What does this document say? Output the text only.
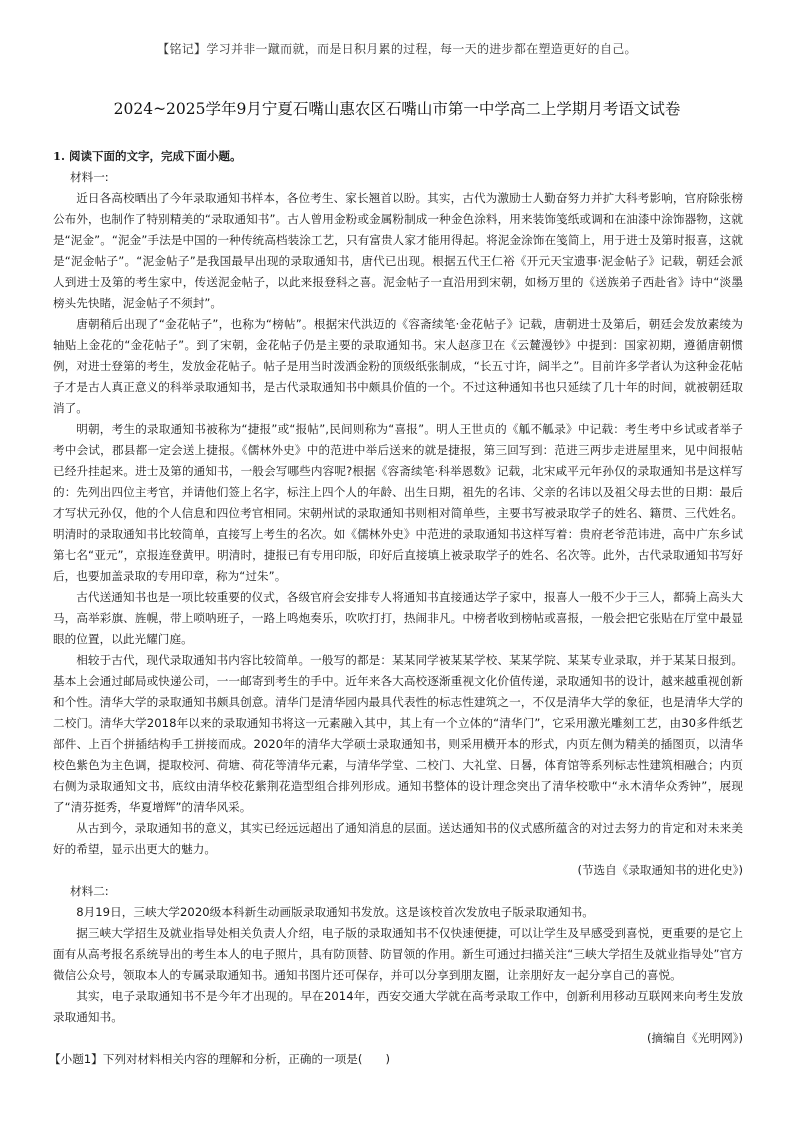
【铭记】学习并非一蹴而就，而是日积月累的过程，每一天的进步都在塑造更好的自己。
2024~2025学年9月宁夏石嘴山惠农区石嘴山市第一中学高二上学期月考语文试卷

1. 阅读下面的文字，完成下面小题。

材料一:

近日各高校晒出了今年录取通知书样本，各位考生、家长翘首以盼。其实，古代为激励士人勤奋努力并扩大科考影响，官府除张榜公布外，也制作了特别精美的“录取通知书”。古人曾用金粉或金属粉制成一种金色涂料，用来装饰笺纸或调和在油漆中涂饰器物，这就是“泥金”。“泥金”手法是中国的一种传统高档装涂工艺，只有富贵人家才能用得起。将泥金涂饰在笺简上，用于进士及第时报喜，这就是“泥金帖子”。“泥金帖子”是我国最早出现的录取通知书，唐代已出现。根据五代王仁裕《开元天宝遗事·泥金帖子》记载，朝廷会派人到进士及第的考生家中，传送泥金帖子，以此来报登科之喜。泥金帖子一直沿用到宋朝，如杨万里的《送族弟子西赴省》诗中“淡墨榜头先快睹，泥金帖子不须封”。

唐朝稍后出现了“金花帖子”，也称为“榜帖”。根据宋代洪迈的《容斋续笔·金花帖子》记载，唐朝进士及第后，朝廷会发放素绫为轴贴上金花的“金花帖子”。到了宋朝，金花帖子仍是主要的录取通知书。宋人赵彦卫在《云麓漫钞》中提到：国家初期，遵循唐朝惯例，对进士登第的考生，发放金花帖子。帖子是用当时泼洒金粉的顶级纸张制成，“长五寸许，阔半之”。目前许多学者认为这种金花帖子才是古人真正意义的科举录取通知书，是古代录取通知书中颇具价值的一个。不过这种通知书也只延续了几十年的时间，就被朝廷取消了。

明朝，考生的录取通知书被称为“捷报”或“报帖”,民间则称为“喜报”。明人王世贞的《觚不觚录》中记载：考生考中乡试或者举子考中会试，郡县都一定会送上捷报。《儒林外史》中的范进中举后送来的就是捷报，第三回写到：范进三两步走进屋里来，见中间报帖已经升挂起来。进士及第的通知书，一般会写哪些内容呢?根据《容斋续笔·科举恩数》记载，北宋咸平元年孙仅的录取通知书是这样写的：先列出四位主考官，并请他们签上名字，标注上四个人的年龄、出生日期，祖先的名讳、父亲的名讳以及祖父母去世的日期：最后才写状元孙仅，他的个人信息和四位考官相同。宋朝州试的录取通知书则相对简单些，主要书写被录取学子的姓名、籍贯、三代姓名。明清时的录取通知书比较简单，直接写上考生的名次。如《儒林外史》中范进的录取通知书这样写着：贵府老爷范讳进，高中广东乡试第七名“亚元”，京报连登黄甲。明清时，捷报已有专用印版，印好后直接填上被录取学子的姓名、名次等。此外，古代录取通知书写好后，也要加盖录取的专用印章，称为“过朱”。

古代送通知书也是一项比较重要的仪式，各级官府会安排专人将通知书直接通达学子家中，报喜人一般不少于三人，都骑上高头大马，高举彩旗、旌幌，带上唢呐班子，一路上鸣炮奏乐，吹吹打打，热闹非凡。中榜者收到榜帖或喜报，一般会把它张贴在厅堂中最显眼的位置，以此光耀门庭。

相较于古代，现代录取通知书内容比较简单。一般写的都是：某某同学被某某学校、某某学院、某某专业录取，并于某某日报到。基本上会通过邮局或快递公司，一一邮寄到考生的手中。近年来各大高校逐渐重视文化价值传递，录取通知书的设计，越来越重视创新和个性。清华大学的录取通知书颇具创意。清华门是清华园内最具代表性的标志性建筑之一，不仅是清华大学的象征，也是清华大学的二校门。清华大学2018年以来的录取通知书将这一元素融入其中，其上有一个立体的“清华门”，它采用激光雕刻工艺，由30多件纸艺部件、上百个拼插结构手工拼接而成。2020年的清华大学硕士录取通知书，则采用横开本的形式，内页左侧为精美的插图页，以清华校色紫色为主色调，提取校河、荷塘、荷花等清华元素，与清华学堂、二校门、大礼堂、日晷，体育馆等系列标志性建筑相融合；内页右侧为录取通知文书，底纹由清华校花紫荆花造型组合排列形成。通知书整体的设计理念突出了清华校歌中“永木清华众秀钟”，展现了“清芬挺秀，华夏增辉”的清华风采。

从古到今，录取通知书的意义，其实已经远远超出了通知消息的层面。送达通知书的仪式感所蕴含的对过去努力的肯定和对未来美好的希望，显示出更大的魅力。

(节选自《录取通知书的进化史》)

材料二:

8月19日，三峡大学2020级本科新生动画版录取通知书发放。这是该校首次发放电子版录取通知书。

据三峡大学招生及就业指导处相关负责人介绍，电子版的录取通知书不仅快速便捷，可以让学生及早感受到喜悦，更重要的是它上面有从高考报名系统导出的考生本人的电子照片，具有防顶替、防冒领的作用。新生可通过扫描关注“三峡大学招生及就业指导处”官方微信公众号，领取本人的专属录取通知书。通知书图片还可保存，并可以分享到朋友圈，让亲朋好友一起分享自己的喜悦。

其实，电子录取通知书不是今年才出现的。早在2014年，西安交通大学就在高考录取工作中，创新利用移动互联网来向考生发放录取通知书。

(摘编自《光明网》)

【小题1】下列对材料相关内容的理解和分析，正确的一项是(　　)
